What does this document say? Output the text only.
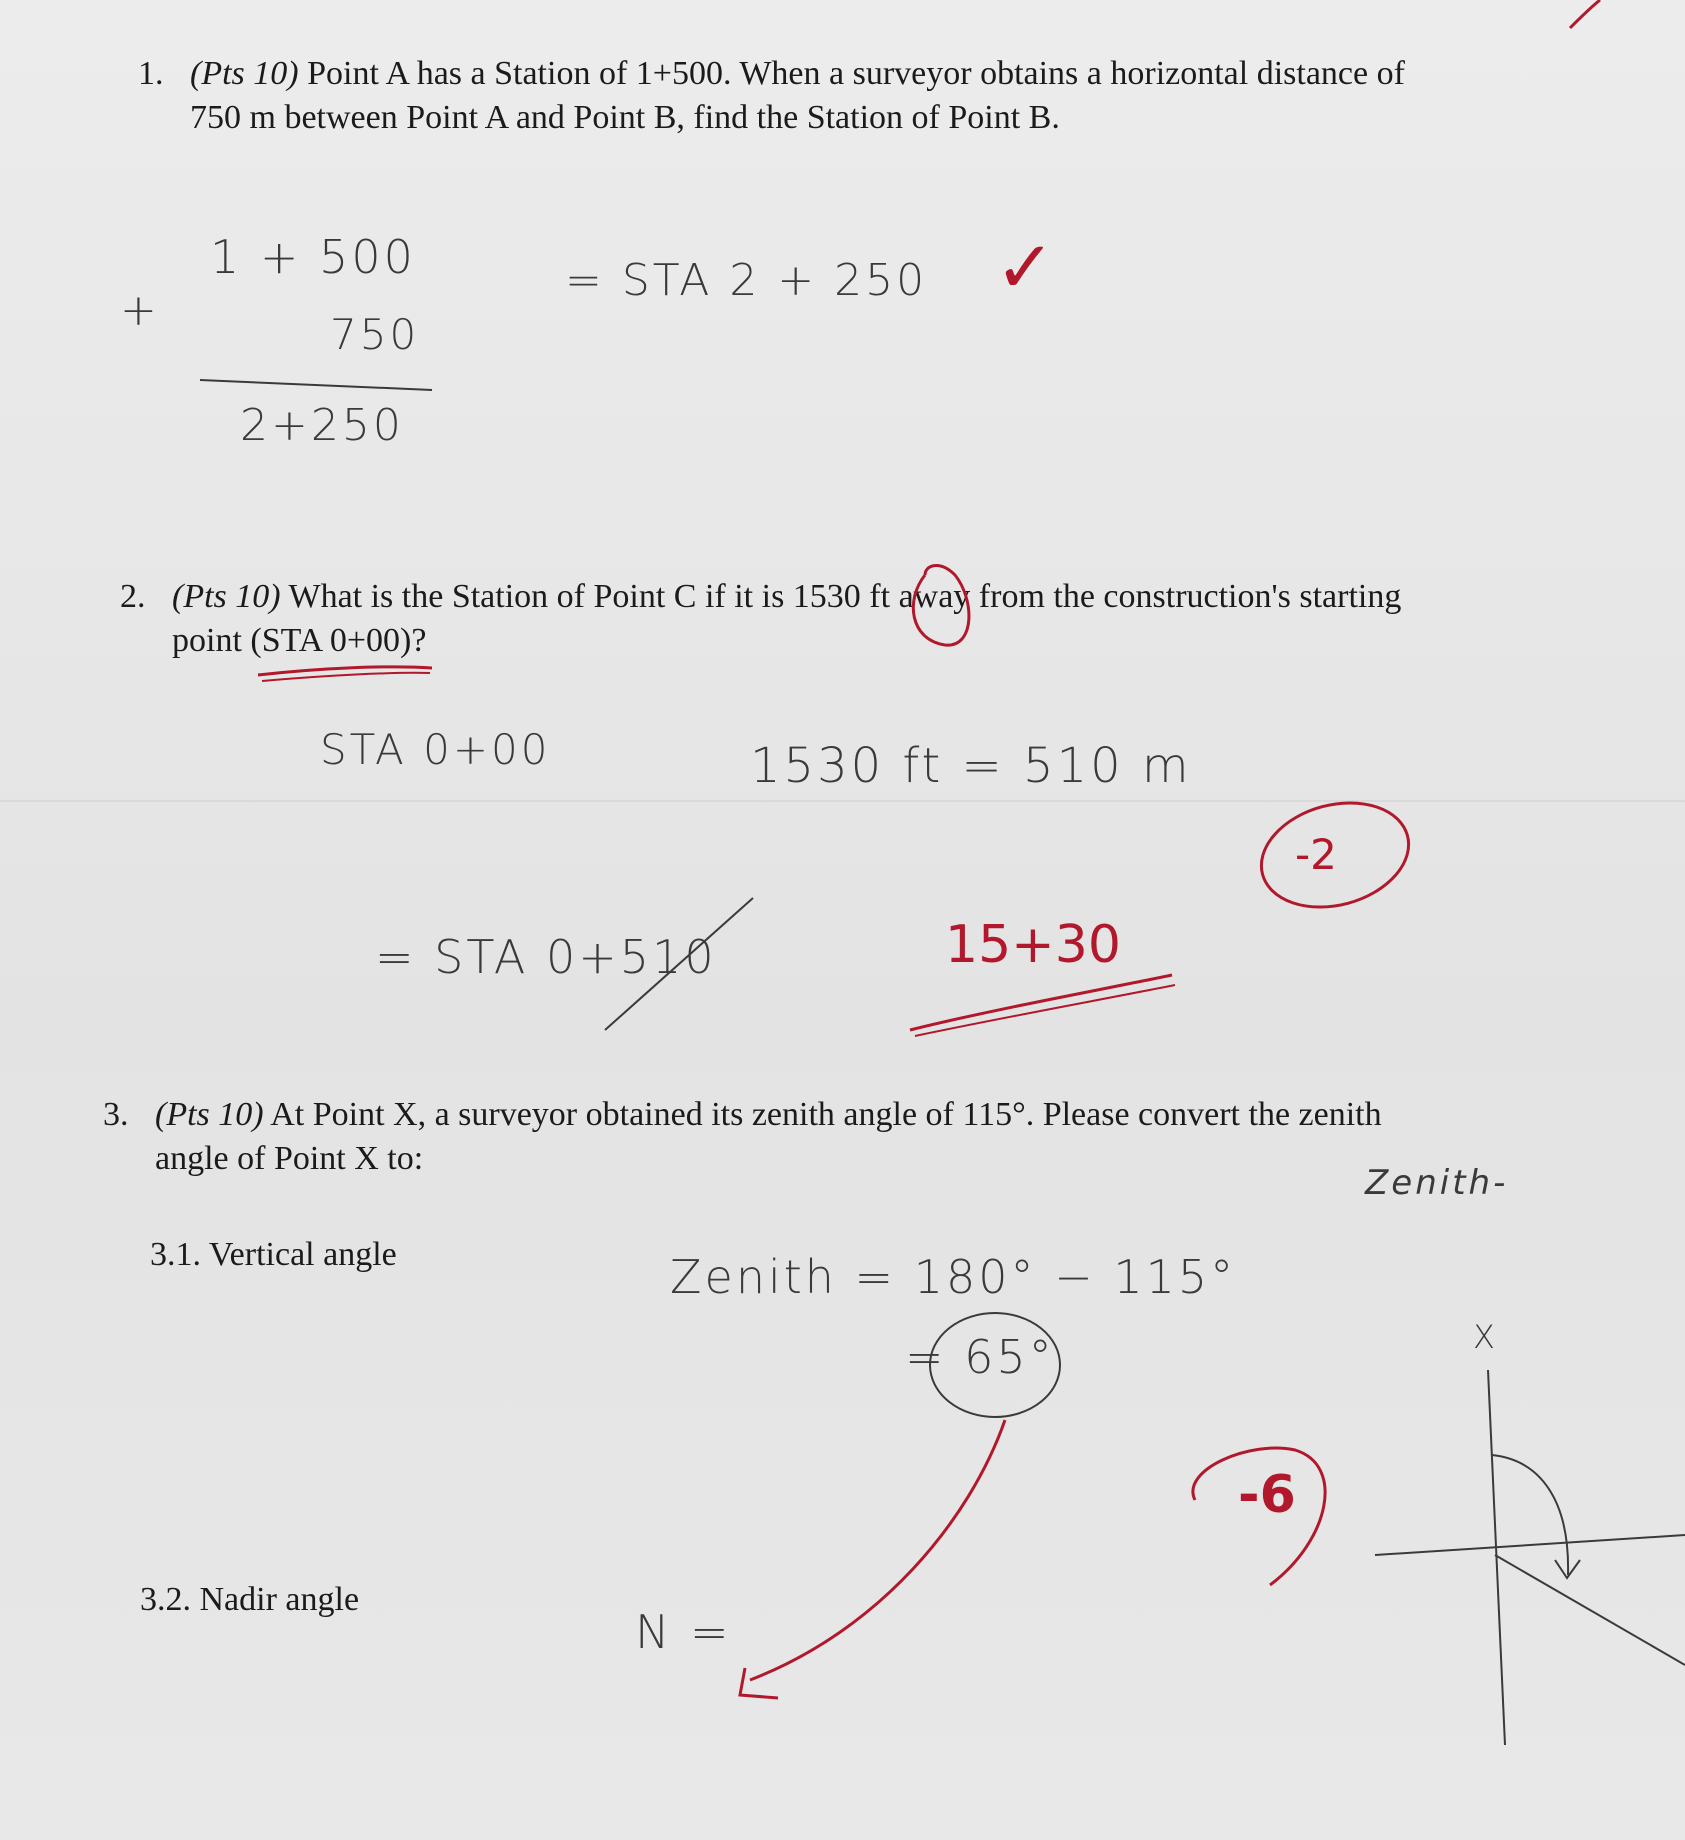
1. (Pts 10) Point A has a Station of 1+500. When a surveyor obtains a horizontal distance of
750 m between Point A and Point B, find the Station of Point B.
+
1 + 500
750
2+250
= STA 2 + 250 ✓
2. (Pts 10) What is the Station of Point C if it is 1530 ft away from the construction's starting
point (STA 0+00)?
STA 0+00	1530 ft = 510 m
= STA 0+510	15+30
-2
3. (Pts 10) At Point X, a surveyor obtained its zenith angle of 115°. Please convert the zenith
angle of Point X to:
3.1. Vertical angle
3.2. Nadir angle
Zenith-
Zenith = 180° − 115°
= 65°
N =
X
-6
